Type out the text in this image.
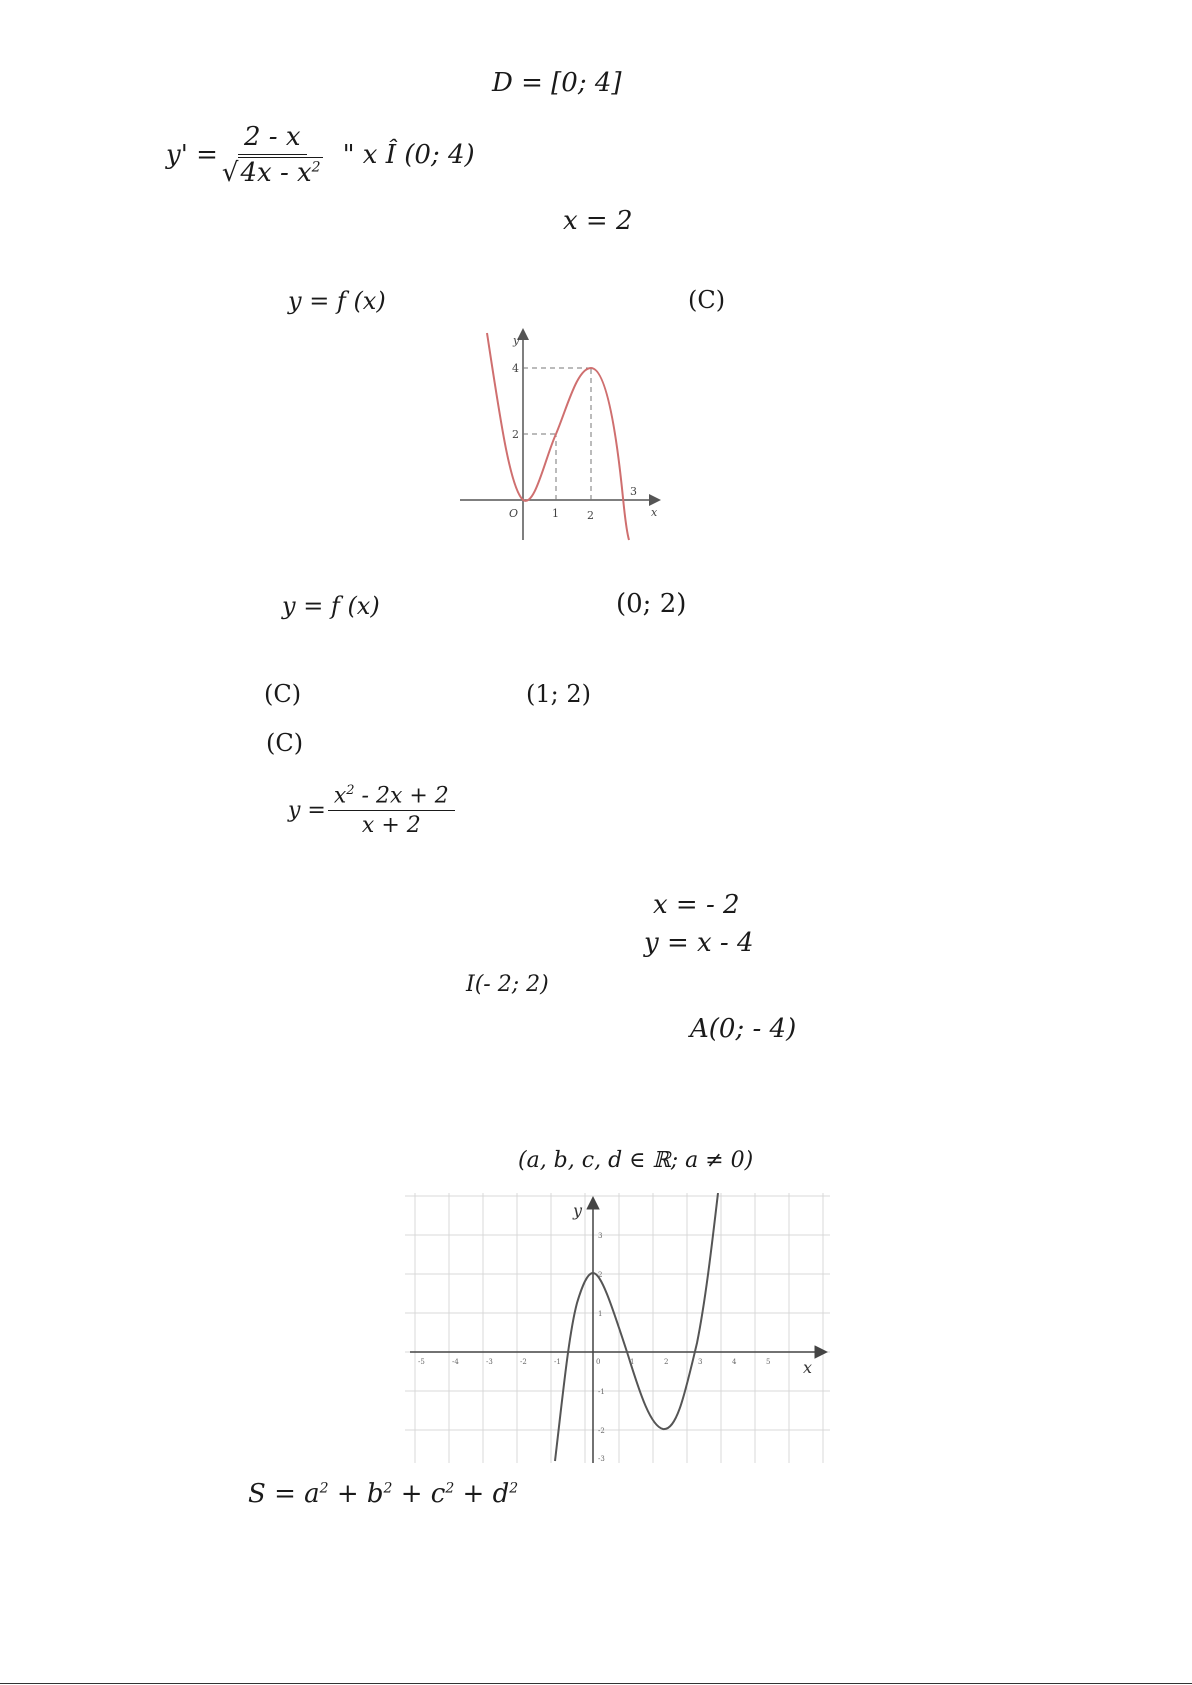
D = [0; 4]
$y' = \frac{2 - x}{√4x - x^2}$ " x Î (0; 4)
x = 2
y = f (x)	(C)
y
x
O	1	2
3
2
4
y = f (x)	(0; 2)
(C)	(1; 2)
(C)
$y = \frac{x^2 - 2x + 2}{x + 2}$
x = - 2
y = x - 4
I(- 2; 2)
A(0; - 4)
(a, b, c, d ∈ ℝ; a ≠ 0)
y
x
-5	-4	-3	-2	-1	0	1	2	3	4	5
3
2
1
-1
-2
-3
$S = a^2 + b^2 + c^2 + d^2$
